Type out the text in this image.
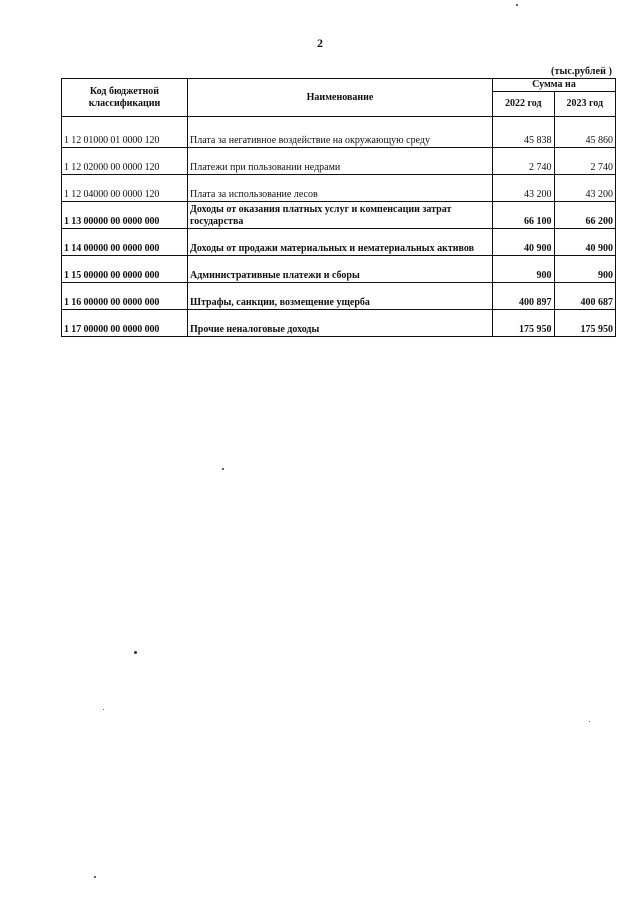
2
(тыс.рублей )
Код бюджетной классификации	Наименование	Сумма на	
		2022 год	2023 год
1 12 01000 01 0000 120	Плата за негативное воздействие на окружающую среду	45 838	45 860
1 12 02000 00 0000 120	Платежи при пользовании недрами	2 740	2 740
1 12 04000 00 0000 120	Плата за использование лесов	43 200	43 200
1 13 00000 00 0000 000	Доходы от оказания платных услуг и компенсации затрат государства	66 100	66 200
1 14 00000 00 0000 000	Доходы от продажи материальных и нематериальных активов	40 900	40 900
1 15 00000 00 0000 000	Административные платежи и сборы	900	900
1 16 00000 00 0000 000	Штрафы, санкции, возмещение ущерба	400 897	400 687
1 17 00000 00 0000 000	Прочие неналоговые доходы	175 950	175 950
